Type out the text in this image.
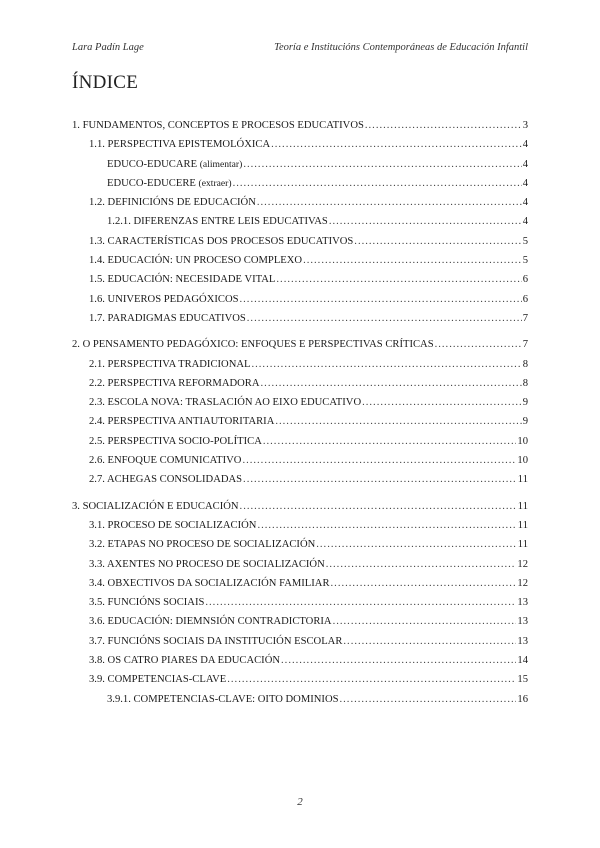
Lara Padín Lage	Teoría e Institucións Contemporáneas de Educación Infantil
ÍNDICE
1. FUNDAMENTOS, CONCEPTOS E PROCESOS EDUCATIVOS .....	3
1.1. PERSPECTIVA EPISTEMOLÓXICA .....	4
EDUCO-EDUCARE
(alimentar) .....	4
EDUCO-EDUCERE
(extraer) .....	4
1.2. DEFINICIÓNS DE EDUCACIÓN .....	4
1.2.1. DIFERENZAS ENTRE LEIS EDUCATIVAS .....	4
1.3. CARACTERÍSTICAS DOS PROCESOS EDUCATIVOS .....	5
1.4. EDUCACIÓN: UN PROCESO COMPLEXO .....	5
1.5. EDUCACIÓN: NECESIDADE VITAL .....	6
1.6. UNIVEROS PEDAGÓXICOS .....	6
1.7. PARADIGMAS EDUCATIVOS .....	7
2. O PENSAMENTO PEDAGÓXICO: ENFOQUES E PERSPECTIVAS CRÍTICAS .....	7
2.1. PERSPECTIVA TRADICIONAL .....	8
2.2. PERSPECTIVA REFORMADORA .....	8
2.3. ESCOLA NOVA: TRASLACIÓN AO EIXO EDUCATIVO .....	9
2.4. PERSPECTIVA ANTIAUTORITARIA .....	9
2.5. PERSPECTIVA SOCIO-POLÍTICA .....	10
2.6. ENFOQUE COMUNICATIVO .....	10
2.7. ACHEGAS CONSOLIDADAS .....	11
3. SOCIALIZACIÓN E EDUCACIÓN .....	11
3.1. PROCESO DE SOCIALIZACIÓN .....	11
3.2. ETAPAS NO PROCESO DE SOCIALIZACIÓN .....	11
3.3. AXENTES NO PROCESO DE SOCIALIZACIÓN .....	12
3.4. OBXECTIVOS DA SOCIALIZACIÓN FAMILIAR .....	12
3.5. FUNCIÓNS SOCIAIS .....	13
3.6. EDUCACIÓN: DIEMNSIÓN CONTRADICTORIA .....	13
3.7. FUNCIÓNS SOCIAIS DA INSTITUCIÓN ESCOLAR .....	13
3.8. OS CATRO PIARES DA EDUCACIÓN .....	14
3.9. COMPETENCIAS-CLAVE .....	15
3.9.1. COMPETENCIAS-CLAVE: OITO DOMINIOS .....	16
2
